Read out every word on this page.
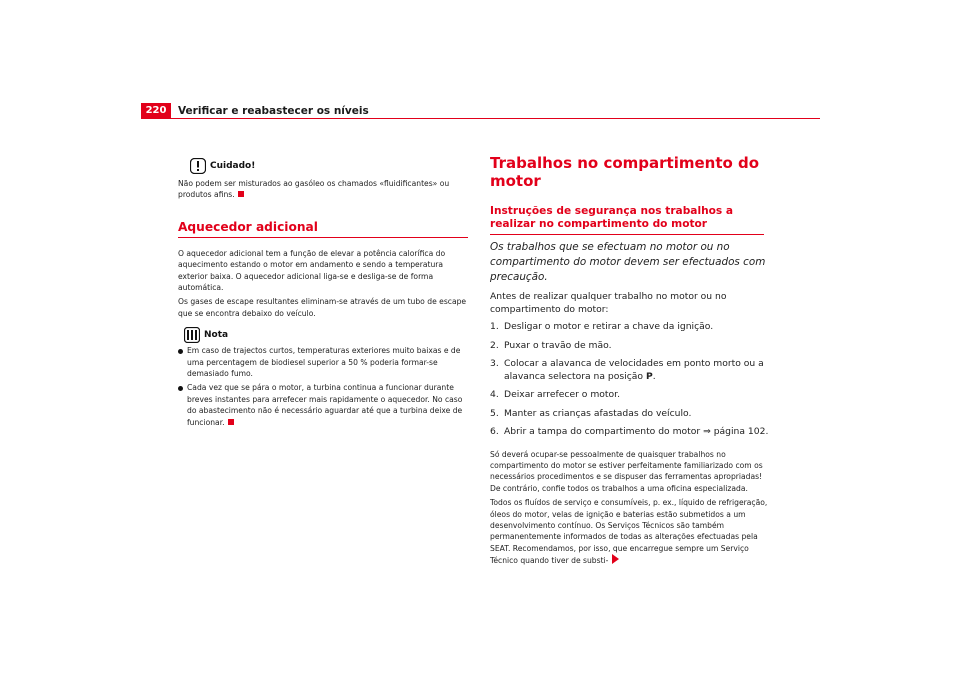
220	Verificar e reabastecer os níveis
Cuidado!

Não podem ser misturados ao gasóleo os chamados «fluidificantes» ou produtos afins.

Aquecedor adicional

O aquecedor adicional tem a função de elevar a potência calorífica do aquecimento estando o motor em andamento e sendo a temperatura exterior baixa. O aquecedor adicional liga-se e desliga-se de forma automática.

Os gases de escape resultantes eliminam-se através de um tubo de escape que se encontra debaixo do veículo.

Nota

Em caso de trajectos curtos, temperaturas exteriores muito baixas e de uma percentagem de biodiesel superior a 50 % poderia formar-se demasiado fumo.

Cada vez que se pára o motor, a turbina continua a funcionar durante breves instantes para arrefecer mais rapidamente o aquecedor. No caso do abastecimento não é necessário aguardar até que a turbina deixe de funcionar.

Trabalhos no compartimento do motor
Instruções de segurança nos trabalhos a realizar no compartimento do motor

Os trabalhos que se efectuam no motor ou no compartimento do motor devem ser efectuados com precaução.

Antes de realizar qualquer trabalho no motor ou no compartimento do motor:

1. Desligar o motor e retirar a chave da ignição.
2. Puxar o travão de mão.
3. Colocar a alavanca de velocidades em ponto morto ou a alavanca selectora na posição P.
4. Deixar arrefecer o motor.
5. Manter as crianças afastadas do veículo.
6. Abrir a tampa do compartimento do motor ⇒ página 102.

Só deverá ocupar-se pessoalmente de quaisquer trabalhos no compartimento do motor se estiver perfeitamente familiarizado com os necessários procedimentos e se dispuser das ferramentas apropriadas! De contrário, confie todos os trabalhos a uma oficina especializada.

Todos os fluídos de serviço e consumíveis, p. ex., líquido de refrigeração, óleos do motor, velas de ignição e baterias estão submetidos a um desenvolvimento contínuo. Os Serviços Técnicos são também permanentemente informados de todas as alterações efectuadas pela SEAT. Recomendamos, por isso, que encarregue sempre um Serviço Técnico quando tiver de substi-
